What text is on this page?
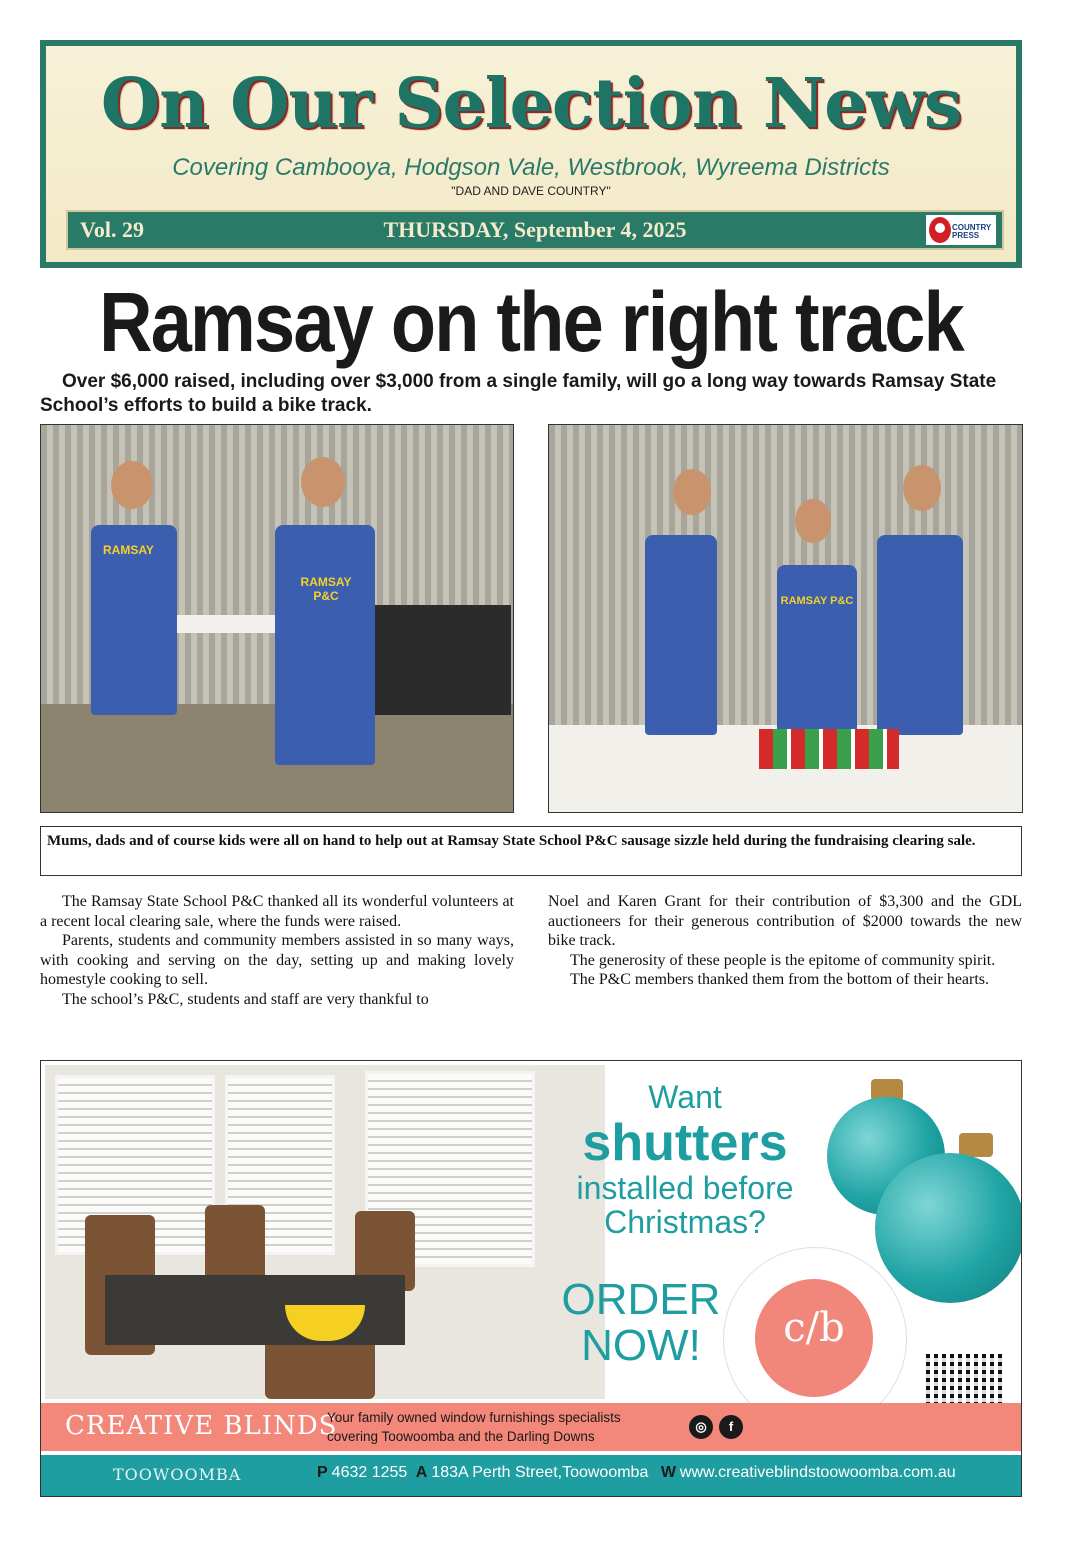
On Our Selection News
Covering Cambooya, Hodgson Vale, Westbrook, Wyreema Districts
"DAD AND DAVE COUNTRY"
Vol. 29	THURSDAY, September 4, 2025	COUNTRY PRESS
Ramsay on the right track
Over $6,000 raised, including over $3,000 from a single family, will go a long way towards Ramsay State School’s efforts to build a bike track.
RAMSAY
RAMSAY P&C	RAMSAY P&C
Mums, dads and of course kids were all on hand to help out at Ramsay State School P&C sausage sizzle held during the fundraising clearing sale.

The Ramsay State School P&C thanked all its wonderful volunteers at a recent local clearing sale, where the funds were raised.

Parents, students and community members assisted in so many ways, with cooking and serving on the day, setting up and making lovely homestyle cooking to sell.

The school’s P&C, students and staff are very thankful to

Noel and Karen Grant for their contribution of $3,300 and the GDL auctioneers for their generous contribution of $2000 towards the new bike track.

The generosity of these people is the epitome of community spirit.

The P&C members thanked them from the bottom of their hearts.

Want
shutters
installed before
Christmas?
ORDER
NOW!	c/b
CREATIVE BLINDS
Your family owned window furnishings specialists
covering Toowoomba and the Darling Downs
◎	f
TOOWOOMBA	P 4632 1255 A 183A Perth Street,Toowoomba W www.creativeblindstoowoomba.com.au
